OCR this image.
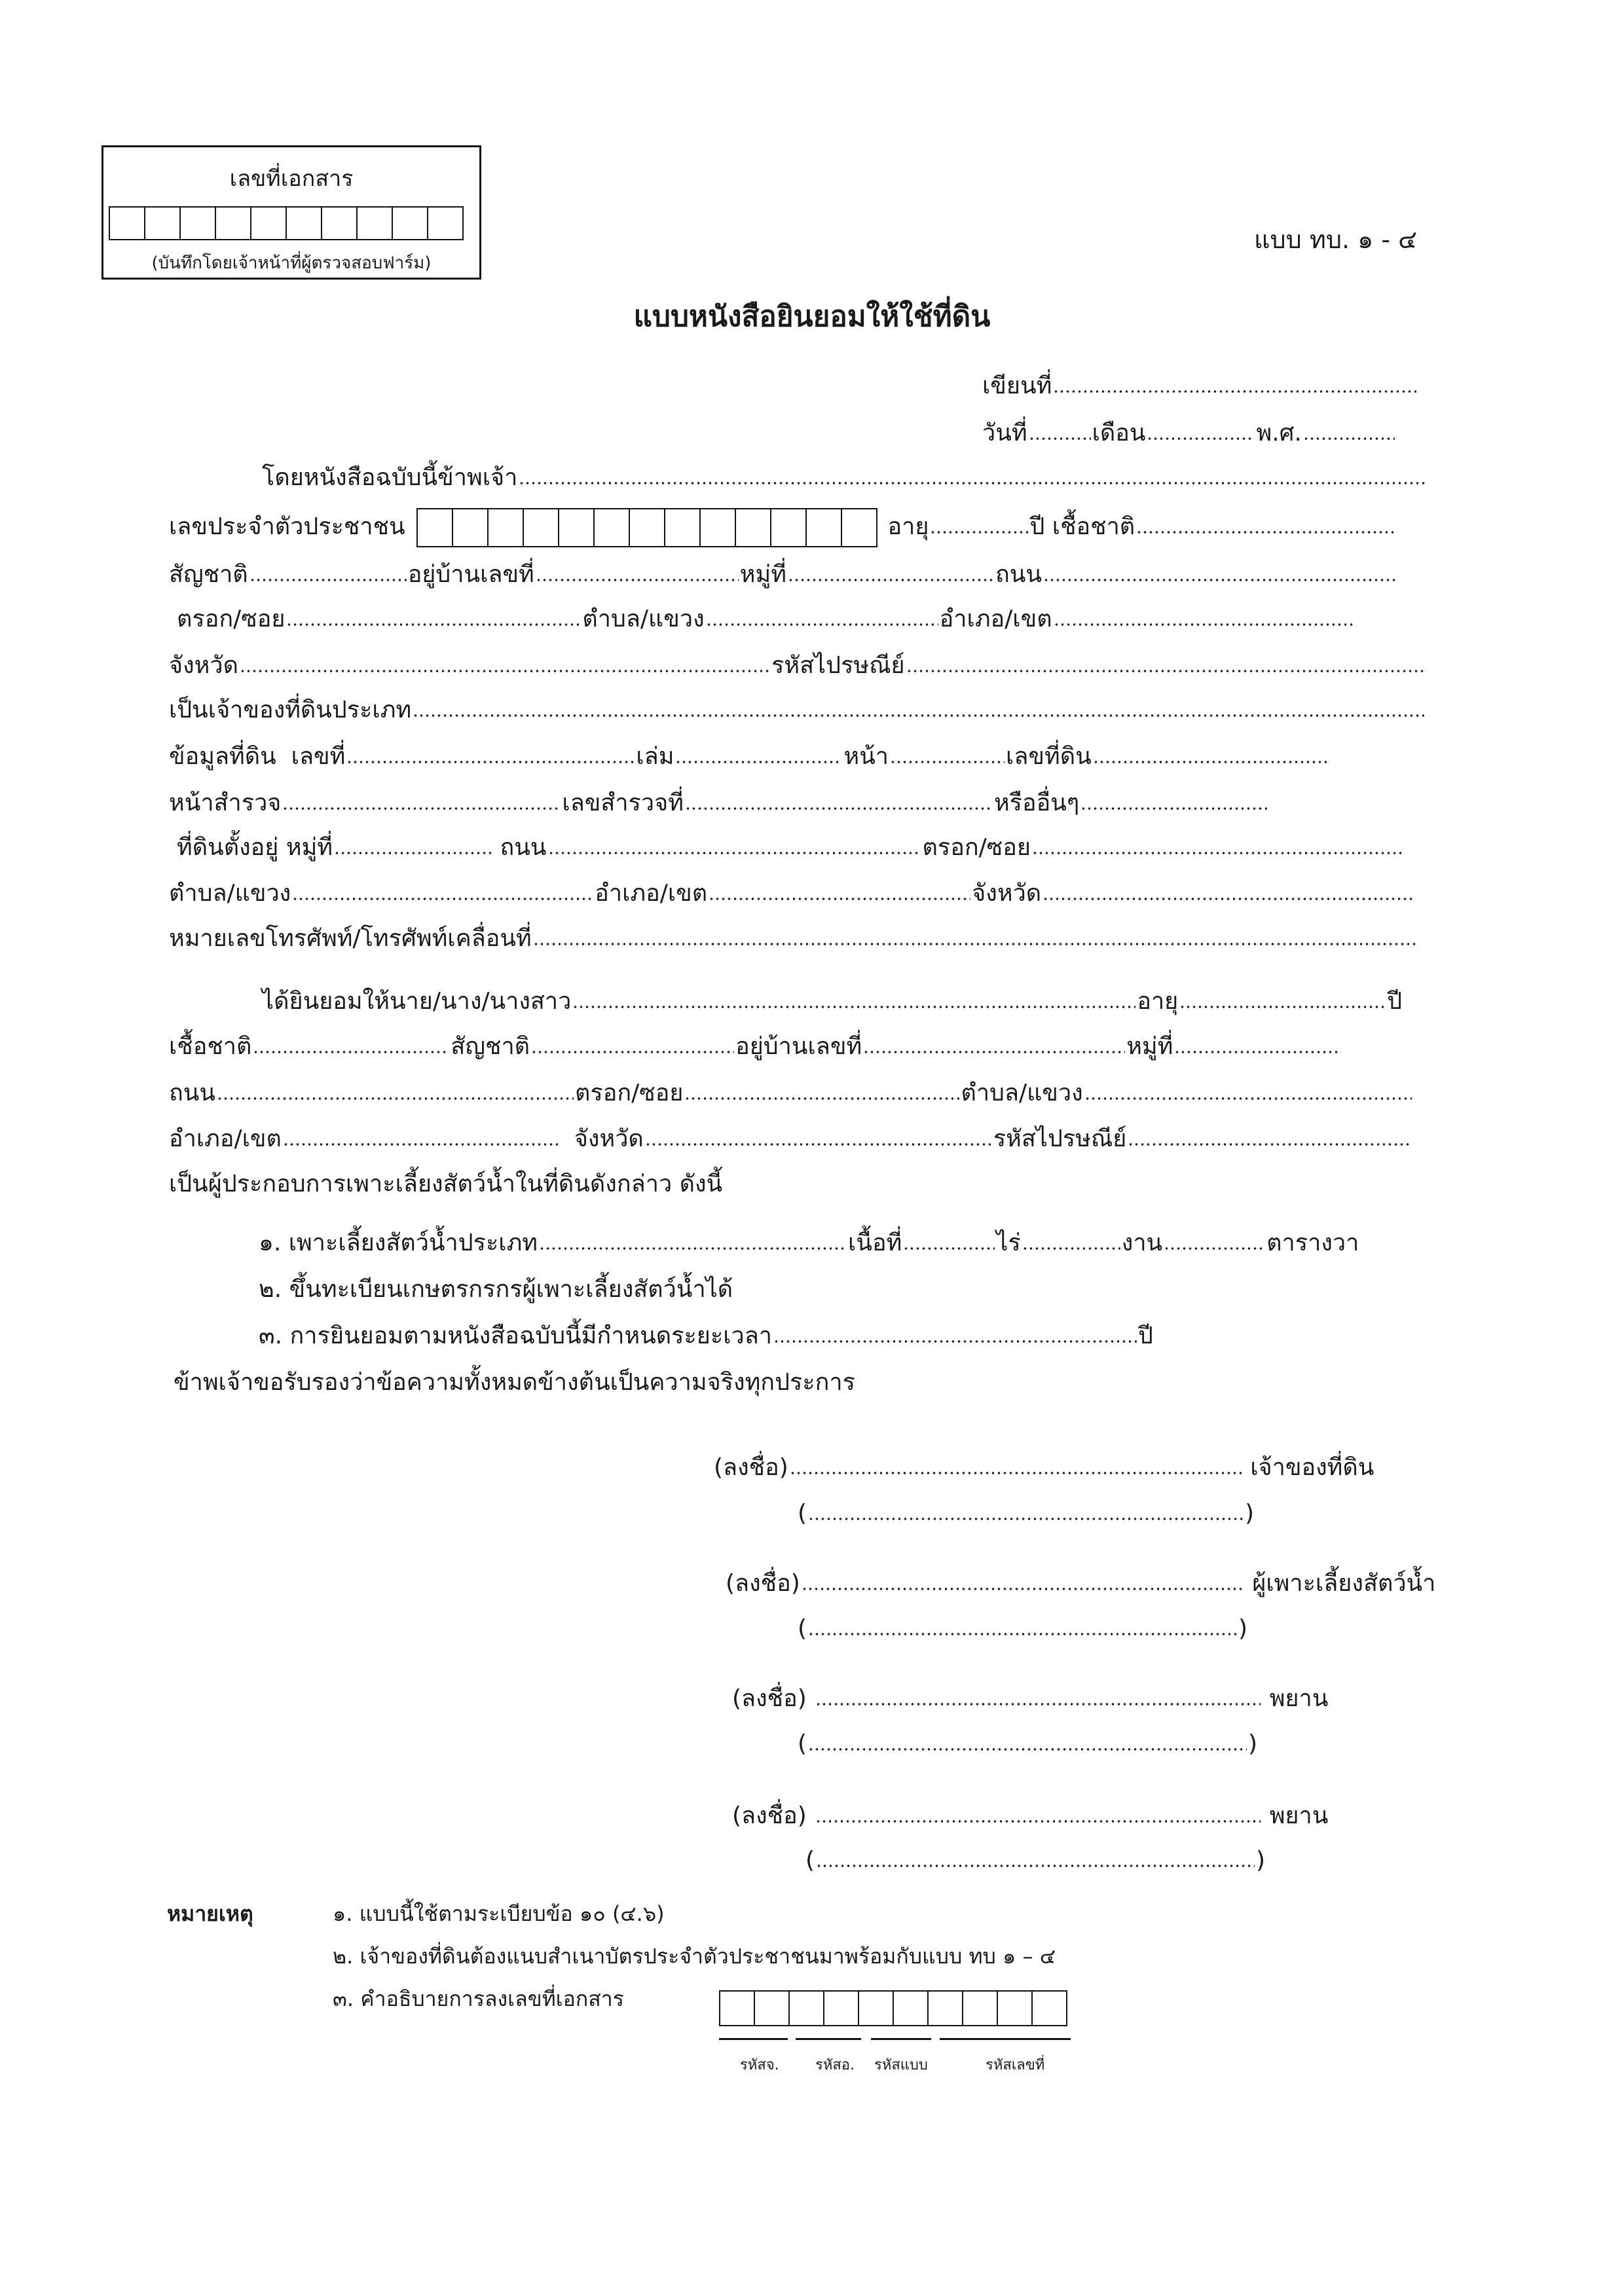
เลขที่เอกสาร
(บันทึกโดยเจ้าหน้าที่ผู้ตรวจสอบฟาร์ม)
แบบ ทบ. ๑ - ๔
แบบหนังสือยินยอมให้ใช้ที่ดิน
เขียนที่
วันที่	เดือน	พ.ศ.
โดยหนังสือฉบับนี้ข้าพเจ้า
เลขประจำตัวประชาชน	อายุ	ปี เชื้อชาติ
สัญชาติ	อยู่บ้านเลขที่	หมู่ที่	ถนน
ตรอก/ซอย	ตำบล/แขวง	อำเภอ/เขต
จังหวัด	รหัสไปรษณีย์
เป็นเจ้าของที่ดินประเภท
ข้อมูลที่ดิน เลขที่	เล่ม	หน้า	เลขที่ดิน
หน้าสำรวจ	เลขสำรวจที่	หรืออื่นๆ
ที่ดินตั้งอยู่ หมู่ที่	ถนน	ตรอก/ซอย
ตำบล/แขวง	อำเภอ/เขต	จังหวัด
หมายเลขโทรศัพท์/โทรศัพท์เคลื่อนที่
ได้ยินยอมให้นาย/นาง/นางสาว	อายุ	ปี
เชื้อชาติ	สัญชาติ	อยู่บ้านเลขที่	หมู่ที่
ถนน	ตรอก/ซอย	ตำบล/แขวง
อำเภอ/เขต	จังหวัด	รหัสไปรษณีย์
เป็นผู้ประกอบการเพาะเลี้ยงสัตว์น้ำในที่ดินดังกล่าว ดังนี้
๑. เพาะเลี้ยงสัตว์น้ำประเภท	เนื้อที่	ไร่	งาน	ตารางวา
๒. ขึ้นทะเบียนเกษตรกรกรผู้เพาะเลี้ยงสัตว์น้ำได้
๓. การยินยอมตามหนังสือฉบับนี้มีกำหนดระยะเวลา	ปี
ข้าพเจ้าขอรับรองว่าข้อความทั้งหมดข้างต้นเป็นความจริงทุกประการ
(ลงชื่อ)	เจ้าของที่ดิน
(	)
(ลงชื่อ)	ผู้เพาะเลี้ยงสัตว์น้ำ
(	)
(ลงชื่อ)	พยาน
(	)
(ลงชื่อ)	พยาน
(	)
หมายเหตุ	๑. แบบนี้ใช้ตามระเบียบข้อ ๑๐ (๔.๖)
๒. เจ้าของที่ดินต้องแนบสำเนาบัตรประจำตัวประชาชนมาพร้อมกับแบบ ทบ ๑ – ๔
๓. คำอธิบายการลงเลขที่เอกสาร
รหัสจ.	รหัสอ. รหัสแบบ	รหัสเลขที่
